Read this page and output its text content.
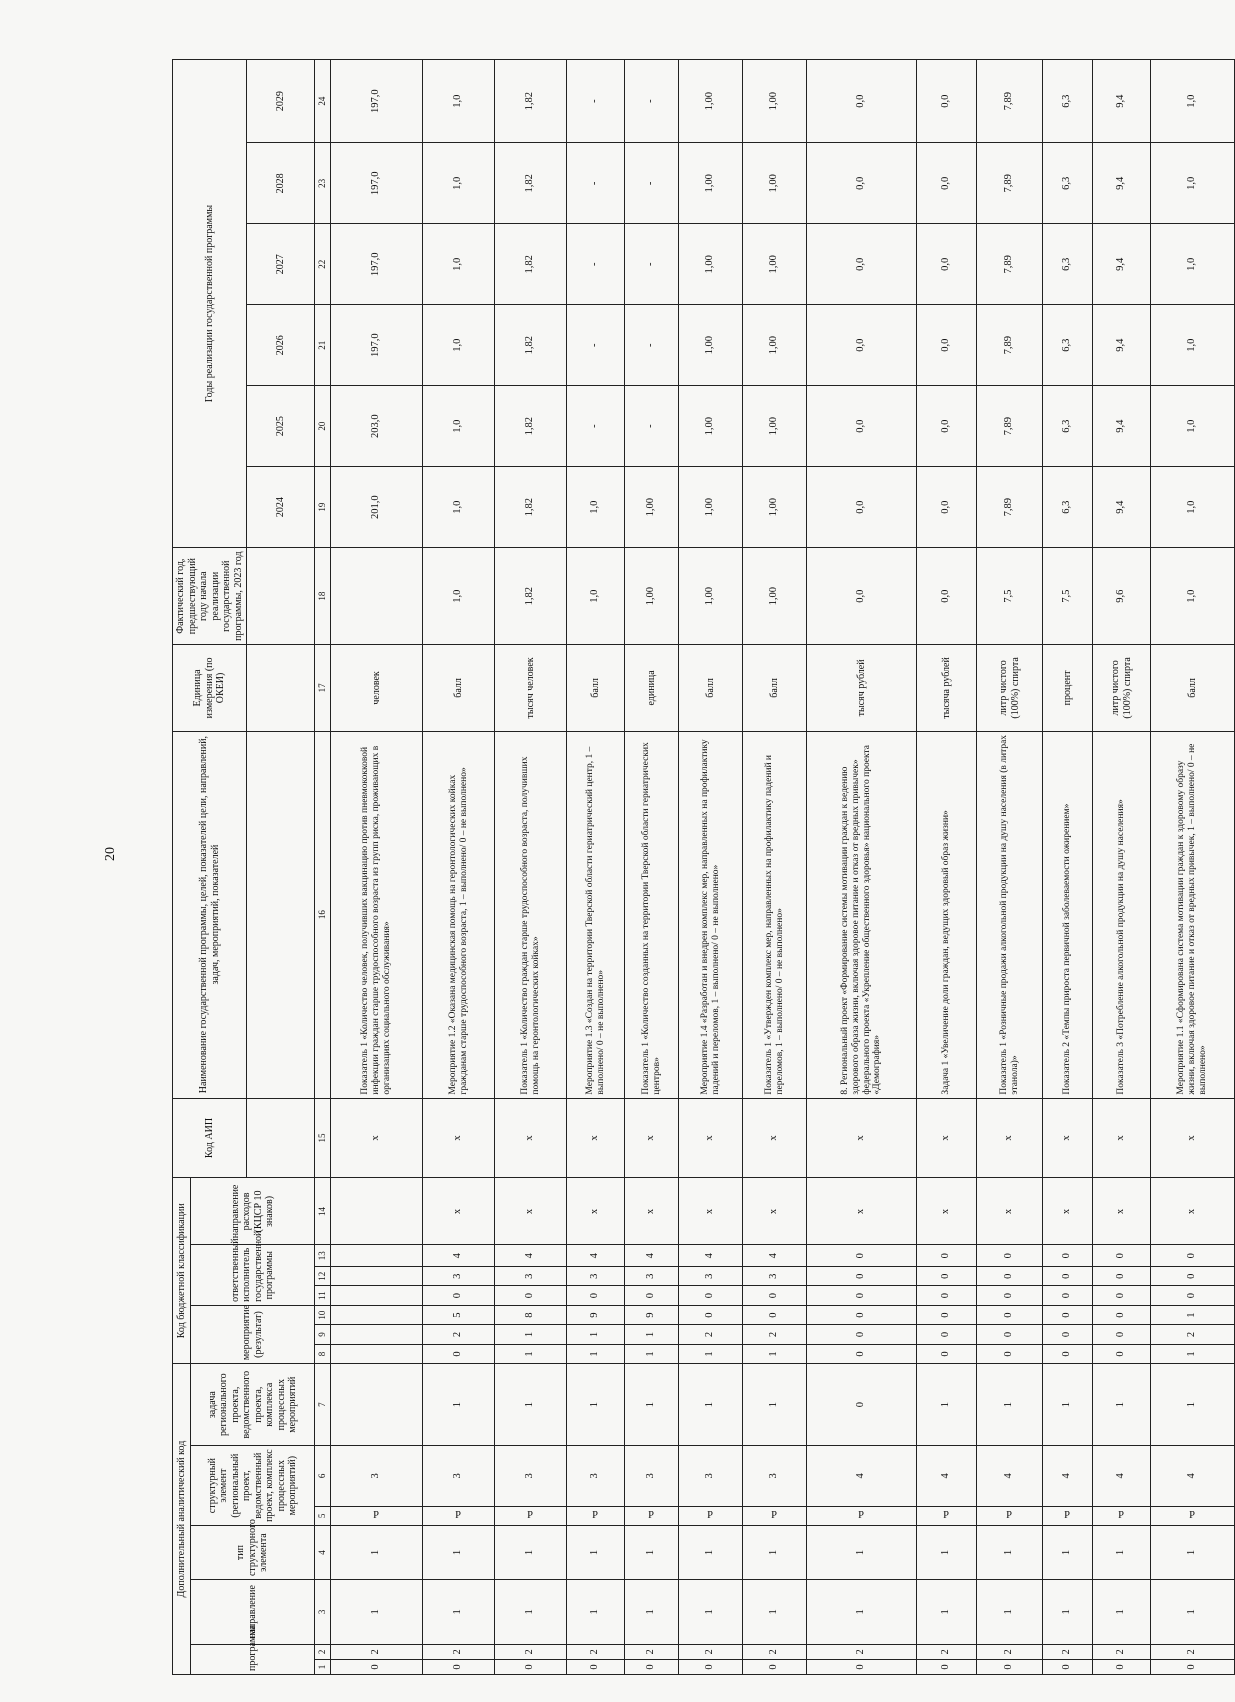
20
Дополнительный аналитический код							Код бюджетной классификации							Код АИП	Наименование государственной программы, целей, показателей цели, направлений, задач, мероприятий, показателей	Единица измерения (по ОКЕИ)	Фактический год, предшествующий году начала реализации государственной программы, 2023 год	Годы реализации государственной программы					
программа		направление	тип структурного элемента	структурный элемент (региональный проект, ведомственный проект, комплекс процессных мероприятий)		задача регионального проекта, ведомственного проекта, комплекса процессных мероприятий	мероприятие (результат)			ответственный исполнитель государственной программы			направление расходов (КЦСР 10 знаков)										
																		2024	2025	2026	2027	2028	2029
1	2	3	4	5	6	7	8	9	10	11	12	13	14	15	16	17	18	19	20	21	22	23	24
0	2	1	1	Р	3									х	Показатель 1 «Количество человек, получивших вакцинацию против пневмококковой инфекции граждан старше трудоспособного возраста из групп риска, проживающих в организациях социального обслуживания»	человек		201,0	203,0	197,0	197,0	197,0	197,0
0	2	1	1	Р	3	1	0	2	5	0	3	4	х	х	Мероприятие 1.2 «Оказана медицинская помощь на геронтологических койках гражданам старше трудоспособного возраста, 1 – выполнено/ 0 – не выполнено»	балл	1,0	1,0	1,0	1,0	1,0	1,0	1,0
0	2	1	1	Р	3	1	1	1	8	0	3	4	х	х	Показатель 1 «Количество граждан старше трудоспособного возраста, получивших помощь на геронтологических койках»	тысяч человек	1,82	1,82	1,82	1,82	1,82	1,82	1,82
0	2	1	1	Р	3	1	1	1	9	0	3	4	х	х	Мероприятие 1.3 «Создан на территории Тверской области гериатрический центр, 1 – выполнено/ 0 – не выполнено»	балл	1,0	1,0	-	-	-	-	-
0	2	1	1	Р	3	1	1	1	9	0	3	4	х	х	Показатель 1 «Количество созданных на территории Тверской области гериатрических центров»	единица	1,00	1,00	-	-	-	-	-
0	2	1	1	Р	3	1	1	2	0	0	3	4	х	х	Мероприятие 1.4 «Разработан и внедрен комплекс мер, направленных на профилактику падений и переломов, 1 – выполнено/ 0 – не выполнено»	балл	1,00	1,00	1,00	1,00	1,00	1,00	1,00
0	2	1	1	Р	3	1	1	2	0	0	3	4	х	х	Показатель 1 «Утвержден комплекс мер, направленных на профилактику падений и переломов, 1 – выполнено/ 0 – не выполнено»	балл	1,00	1,00	1,00	1,00	1,00	1,00	1,00
0	2	1	1	Р	4	0	0	0	0	0	0	0	х	х	8. Региональный проект «Формирование системы мотивации граждан к ведению здорового образа жизни, включая здоровое питание и отказ от вредных привычек» федерального проекта «Укрепление общественного здоровья» национального проекта «Демография»	тысяч рублей	0,0	0,0	0,0	0,0	0,0	0,0	0,0
0	2	1	1	Р	4	1	0	0	0	0	0	0	х	х	Задача 1 «Увеличение доли граждан, ведущих здоровый образ жизни»	тысяча рублей	0,0	0,0	0,0	0,0	0,0	0,0	0,0
0	2	1	1	Р	4	1	0	0	0	0	0	0	х	х	Показатель 1 «Розничные продажи алкогольной продукции на душу населения (в литрах этанола)»	литр чистого (100%) спирта	7,5	7,89	7,89	7,89	7,89	7,89	7,89
0	2	1	1	Р	4	1	0	0	0	0	0	0	х	х	Показатель 2 «Темпы прироста первичной заболеваемости ожирением»	процент	7,5	6,3	6,3	6,3	6,3	6,3	6,3
0	2	1	1	Р	4	1	0	0	0	0	0	0	х	х	Показатель 3 «Потребление алкогольной продукции на душу населения»	литр чистого (100%) спирта	9,6	9,4	9,4	9,4	9,4	9,4	9,4
0	2	1	1	Р	4	1	1	2	1	0	0	0	х	х	Мероприятие 1.1 «Сформирована система мотивации граждан к здоровому образу жизни, включая здоровое питание и отказ от вредных привычек, 1 – выполнено/ 0 – не выполнено»	балл	1,0	1,0	1,0	1,0	1,0	1,0	1,0
